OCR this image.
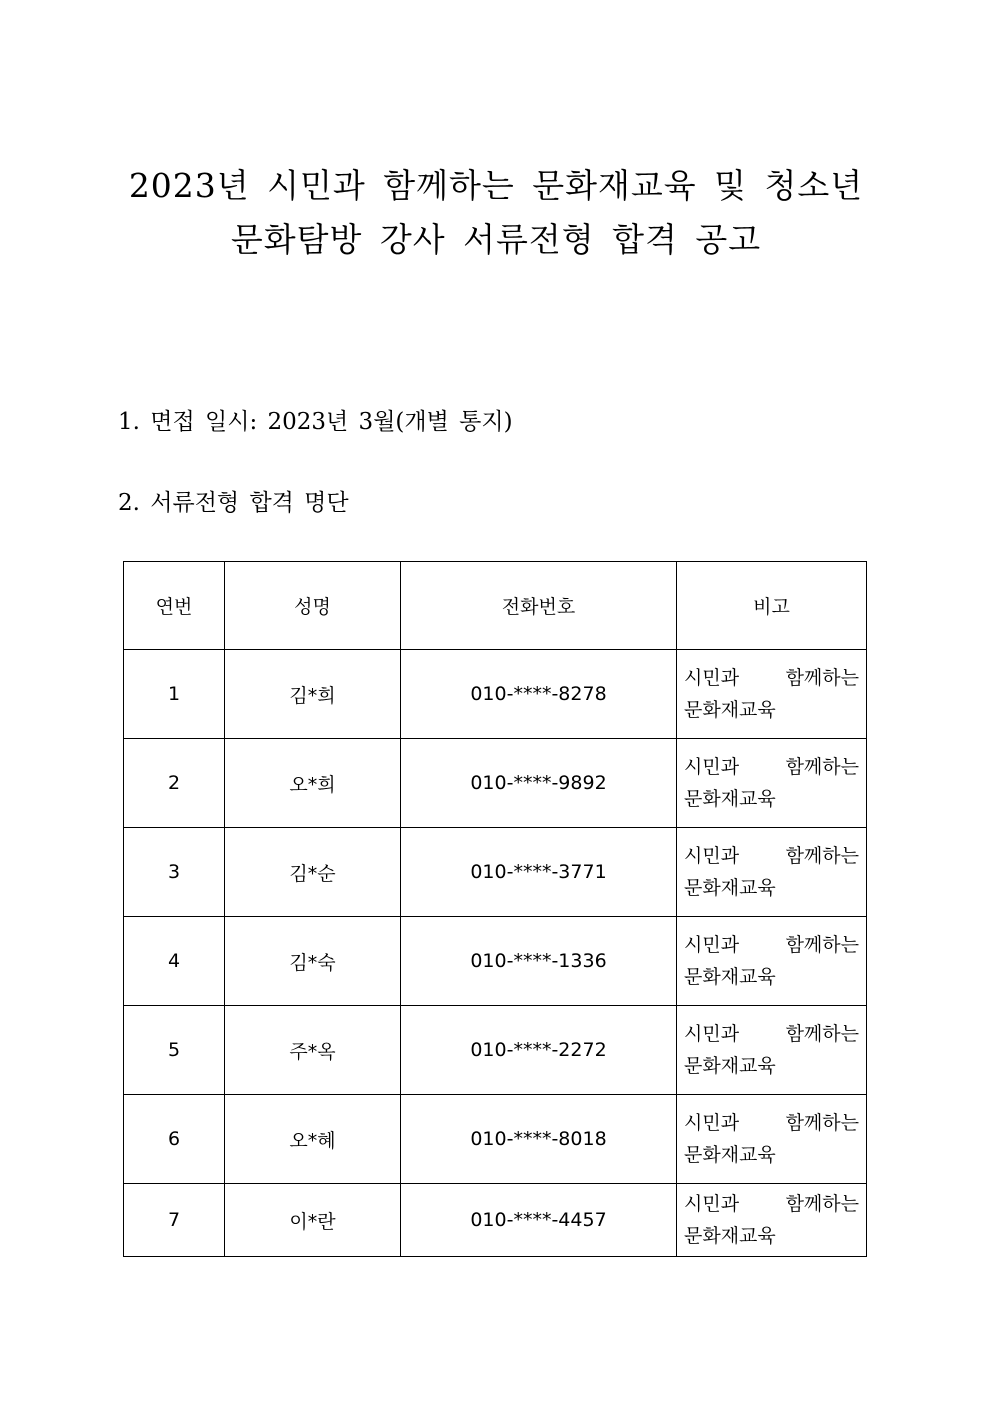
2023년 시민과 함께하는 문화재교육 및 청소년
문화탐방 강사 서류전형 합격 공고
1. 면접 일시: 2023년 3월(개별 통지)
2. 서류전형 합격 명단
연번	성명	전화번호	비고
1	김*희	010-****-8278	시민과 함께하는
문화재교육

2	오*희	010-****-9892	시민과 함께하는
문화재교육

3	김*순	010-****-3771	시민과 함께하는
문화재교육

4	김*숙	010-****-1336	시민과 함께하는
문화재교육

5	주*옥	010-****-2272	시민과 함께하는
문화재교육

6	오*혜	010-****-8018	시민과 함께하는
문화재교육

7	이*란	010-****-4457	시민과 함께하는
문화재교육
